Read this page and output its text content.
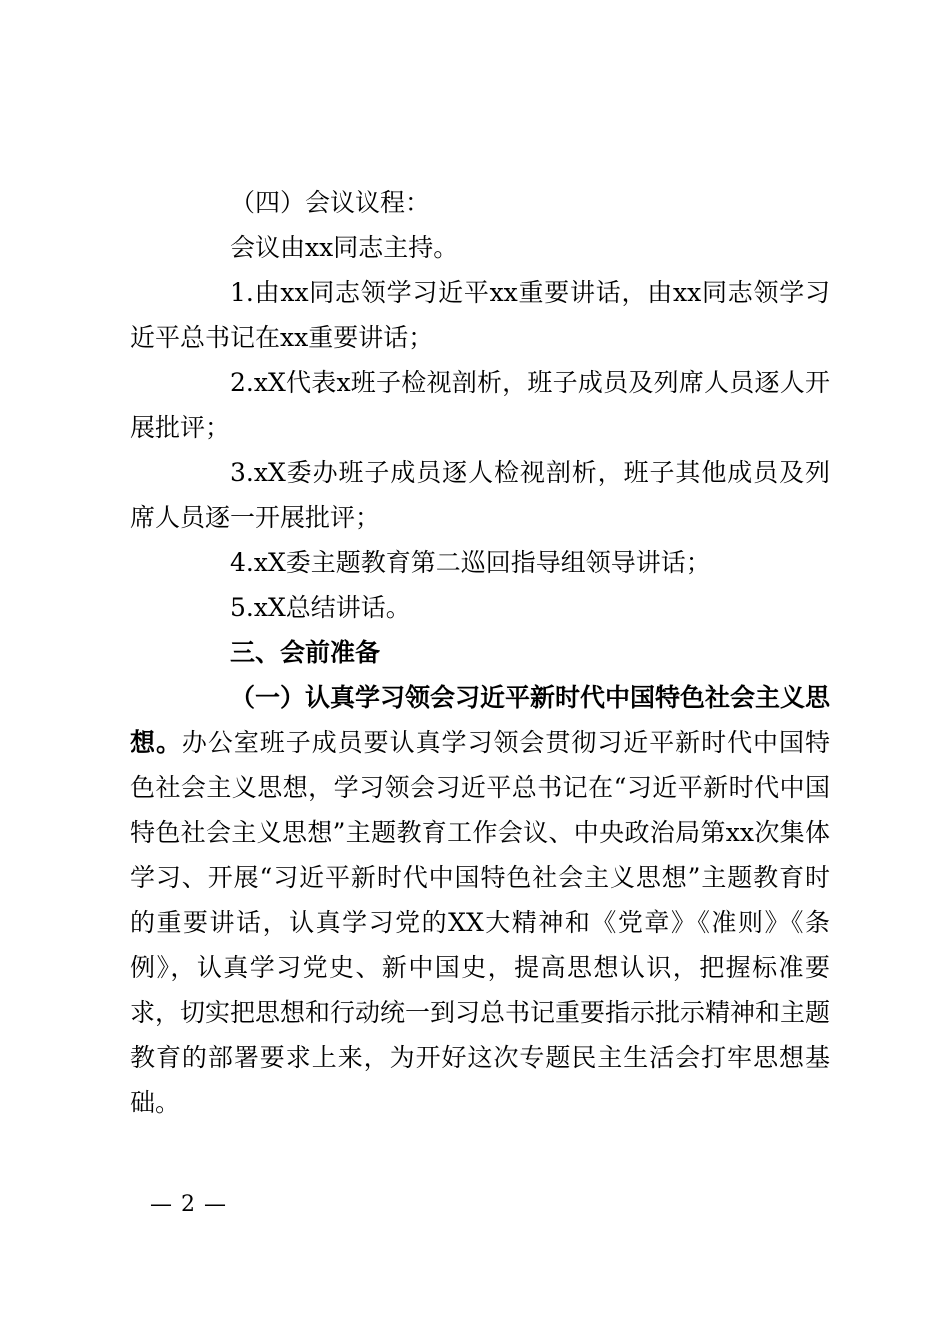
（四）会议议程：

会议由xx同志主持。

1.由xx同志领学习近平xx重要讲话，由xx同志领学习近平总书记在xx重要讲话；

2.xX代表x班子检视剖析，班子成员及列席人员逐人开展批评；

3.xX委办班子成员逐人检视剖析，班子其他成员及列席人员逐一开展批评；

4.xX委主题教育第二巡回指导组领导讲话；

5.xX总结讲话。

三、会前准备

（一）认真学习领会习近平新时代中国特色社会主义思想。办公室班子成员要认真学习领会贯彻习近平新时代中国特色社会主义思想，学习领会习近平总书记在“习近平新时代中国特色社会主义思想”主题教育工作会议、中央政治局第xx次集体学习、开展“习近平新时代中国特色社会主义思想”主题教育时的重要讲话，认真学习党的XX大精神和《党章》《准则》《条例》，认真学习党史、新中国史，提高思想认识，把握标准要求，切实把思想和行动统一到习总书记重要指示批示精神和主题教育的部署要求上来，为开好这次专题民主生活会打牢思想基础。

— 2 —
